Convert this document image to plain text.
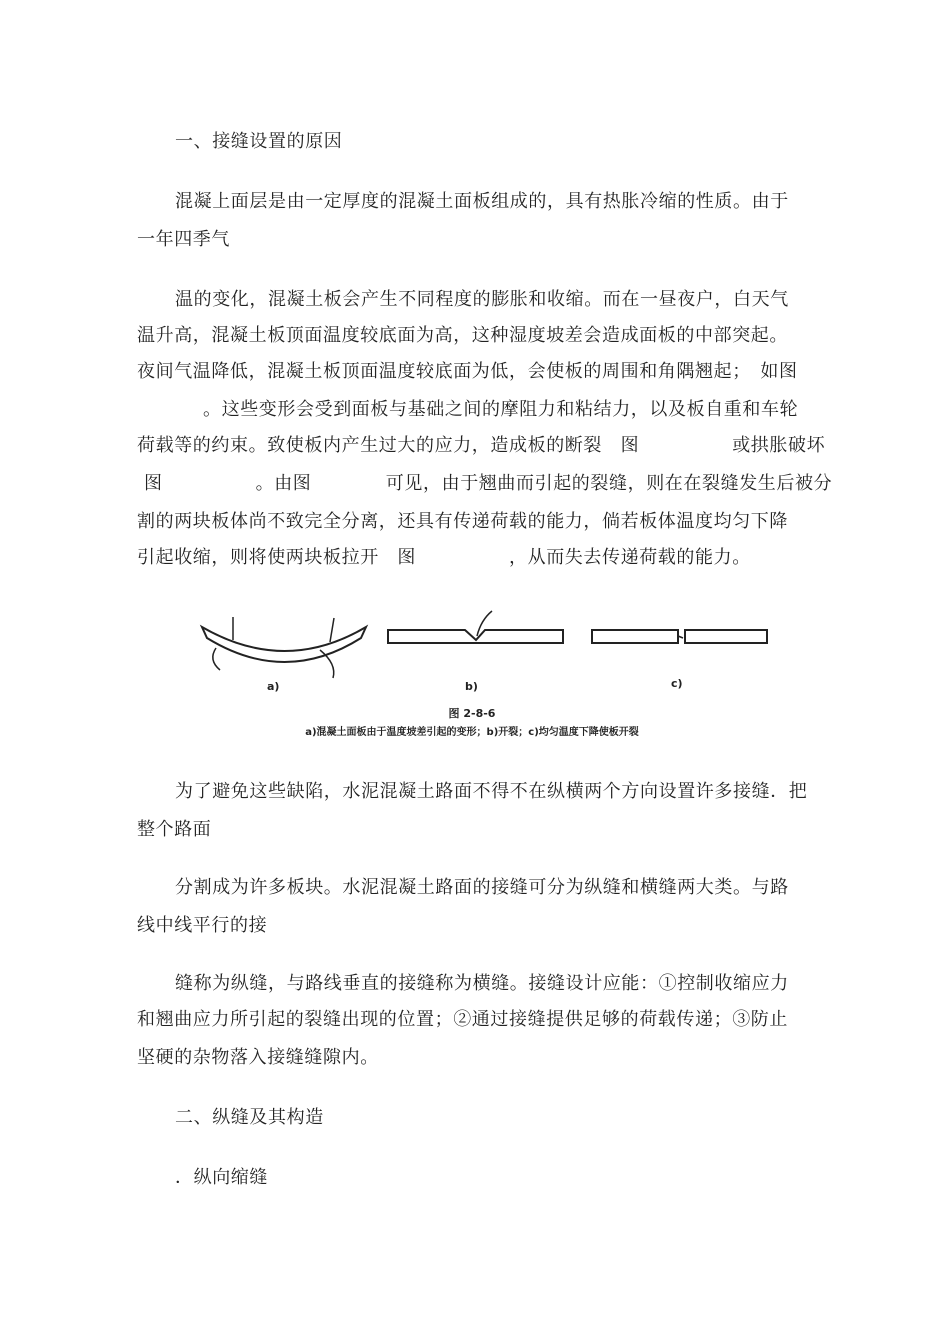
一、接缝设置的原因
混凝上面层是由一定厚度的混凝土面板组成的，具有热胀冷缩的性质。由于
一年四季气
温的变化，混凝土板会产生不同程度的膨胀和收缩。而在一昼夜户，白天气
温升高，混凝土板顶面温度较底面为高，这种湿度坡差会造成面板的中部突起。
夜间气温降低，混凝土板顶面温度较底面为低，会使板的周围和角隅翘起；　如图
。这些变形会受到面板与基础之间的摩阻力和粘结力，以及板自重和车轮
荷载等的约束。致使板内产生过大的应力，造成板的断裂　图　　　　　或拱胀破坏
图　　　　　。由图　　　　可见，由于翘曲而引起的裂缝，则在在裂缝发生后被分
割的两块板体尚不致完全分离，还具有传递荷载的能力，倘若板体温度均匀下降
引起收缩，则将使两块板拉开　图　　　　　，从而失去传递荷载的能力。
a)	b)	c)
图 2-8-6
a)混凝土面板由于温度坡差引起的变形；b)开裂；c)均匀温度下降使板开裂
为了避免这些缺陷，水泥混凝土路面不得不在纵横两个方向设置许多接缝．把
整个路面
分割成为许多板块。水泥混凝土路面的接缝可分为纵缝和横缝两大类。与路
线中线平行的接
缝称为纵缝，与路线垂直的接缝称为横缝。接缝设计应能：①控制收缩应力
和翘曲应力所引起的裂缝出现的位置；②通过接缝提供足够的荷载传递；③防止
坚硬的杂物落入接缝缝隙内。
二、纵缝及其构造
．纵向缩缝
